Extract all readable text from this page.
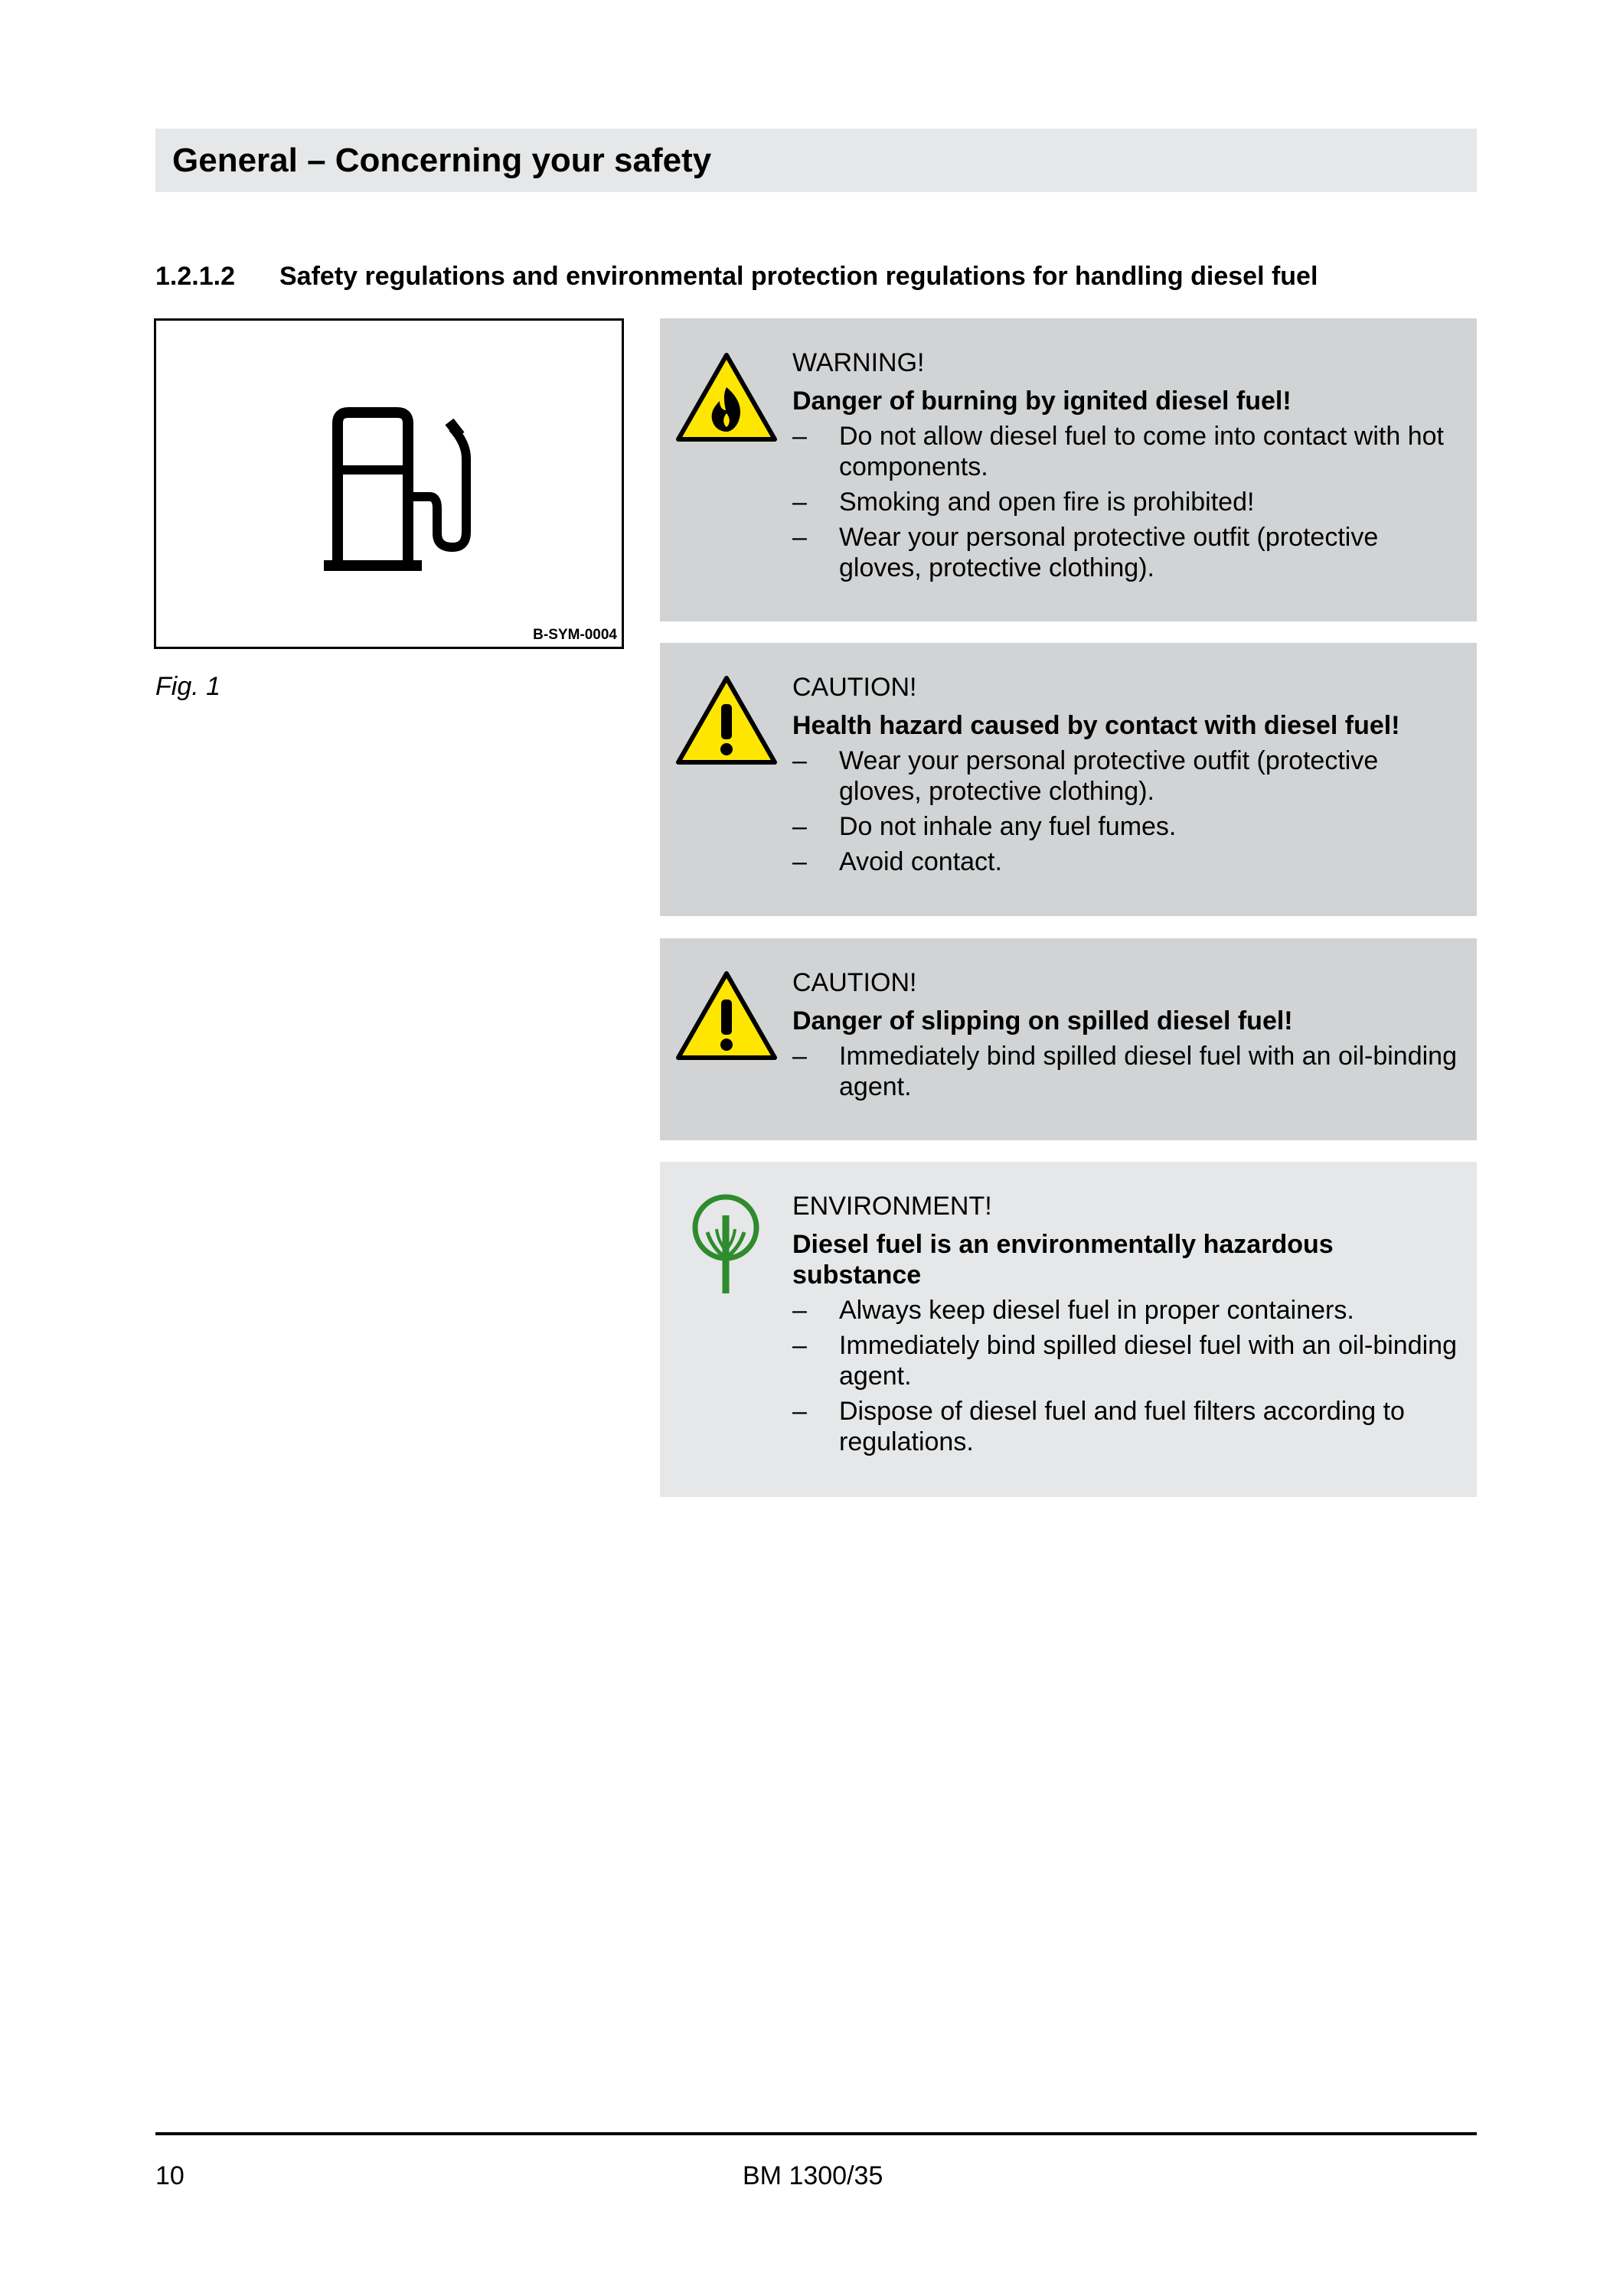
General – Concerning your safety
1.2.1.2	Safety regulations and environmental protection regulations for handling diesel fuel
B-SYM-0004
Fig. 1

WARNING!

Danger of burning by ignited diesel fuel!

– Do not allow diesel fuel to come into contact with hot components.
– Smoking and open fire is prohibited!
– Wear your personal protective outfit (protective gloves, protective clothing).

CAUTION!

Health hazard caused by contact with diesel fuel!

– Wear your personal protective outfit (protective gloves, protective clothing).
– Do not inhale any fuel fumes.
– Avoid contact.

CAUTION!

Danger of slipping on spilled diesel fuel!

– Immediately bind spilled diesel fuel with an oil-binding agent.

ENVIRONMENT!

Diesel fuel is an environmentally hazardous substance

– Always keep diesel fuel in proper containers.
– Immediately bind spilled diesel fuel with an oil-binding agent.
– Dispose of diesel fuel and fuel filters according to regulations.
10	BM 1300/35
